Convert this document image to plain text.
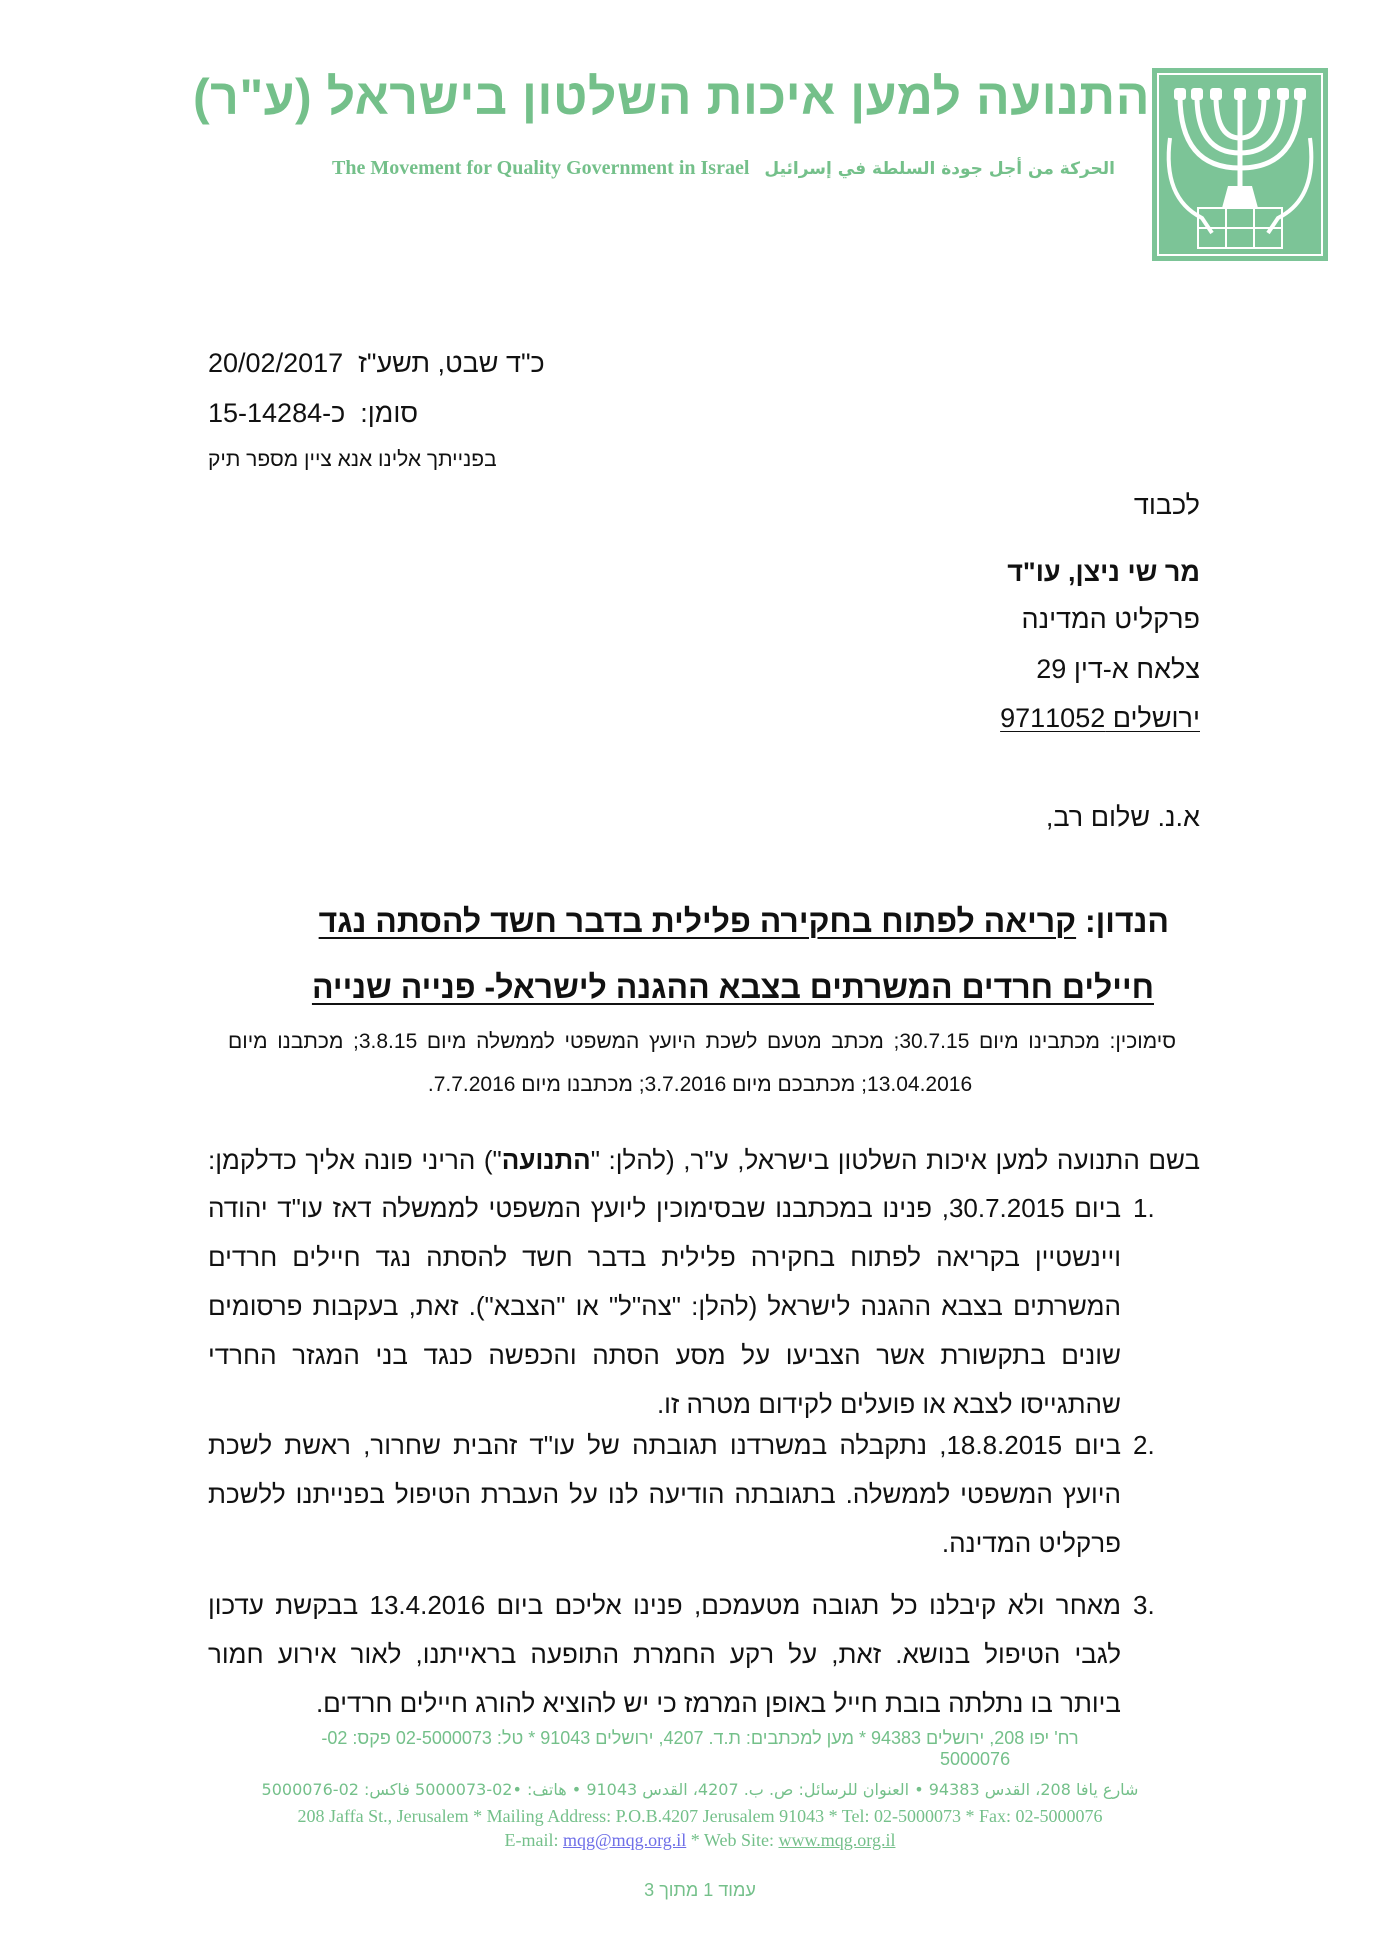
התנועה למען איכות השלטון בישראל (ע"ר)
The Movement for Quality Government in Israel الحركة من أجل جودة السلطة في إسرائيل
כ"ד שבט, תשע"ז  20/02/2017
סומן:  כ-15-14284
בפנייתך אלינו אנא ציין מספר תיק
לכבוד
מר שי ניצן, עו"ד
פרקליט המדינה
צלאח א-דין 29
ירושלים 9711052
א.נ. שלום רב,
הנדון: קריאה לפתוח בחקירה פלילית בדבר חשד להסתה נגד
חיילים חרדים המשרתים בצבא ההגנה לישראל- פנייה שנייה
סימוכין: מכתבינו מיום 30.7.15; מכתב מטעם לשכת היועץ המשפטי לממשלה מיום 3.8.15; מכתבנו מיום
13.04.2016; מכתבכם מיום 3.7.2016; מכתבנו מיום 7.7.2016.
בשם התנועה למען איכות השלטון בישראל, ע"ר, (להלן: "התנועה") הריני פונה אליך כדלקמן:
1.
ביום 30.7.2015, פנינו במכתבנו שבסימוכין ליועץ המשפטי לממשלה דאז עו"ד יהודה
ויינשטיין בקריאה לפתוח בחקירה פלילית בדבר חשד להסתה נגד חיילים חרדים
המשרתים בצבא ההגנה לישראל (להלן: "צה"ל" או "הצבא"). זאת, בעקבות פרסומים
שונים בתקשורת אשר הצביעו על מסע הסתה והכפשה כנגד בני המגזר החרדי
שהתגייסו לצבא או פועלים לקידום מטרה זו.
2.
ביום 18.8.2015, נתקבלה במשרדנו תגובתה של עו"ד זהבית שחרור, ראשת לשכת
היועץ המשפטי לממשלה. בתגובתה הודיעה לנו על העברת הטיפול בפנייתנו ללשכת
פרקליט המדינה.
3.
מאחר ולא קיבלנו כל תגובה מטעמכם, פנינו אליכם ביום 13.4.2016 בבקשת עדכון
לגבי הטיפול בנושא. זאת, על רקע החמרת התופעה בראייתנו, לאור אירוע חמור
ביותר בו נתלתה בובת חייל באופן המרמז כי יש להוציא להורג חיילים חרדים.
רח' יפו 208, ירושלים 94383 * מען למכתבים: ת.ד. 4207, ירושלים 91043 * טל: 02-5000073 פקס: 02-
5000076
شارع يافا 208، القدس 94383 • العنوان للرسائل: ص. ب. 4207، القدس 91043 • هاتف: •02-5000073 فاكس: 02-5000076
208 Jaffa St., Jerusalem * Mailing Address: P.O.B.4207 Jerusalem 91043 * Tel: 02-5000073 * Fax: 02-5000076
E-mail: mqg@mqg.org.il * Web Site: www.mqg.org.il
עמוד 1 מתוך 3
